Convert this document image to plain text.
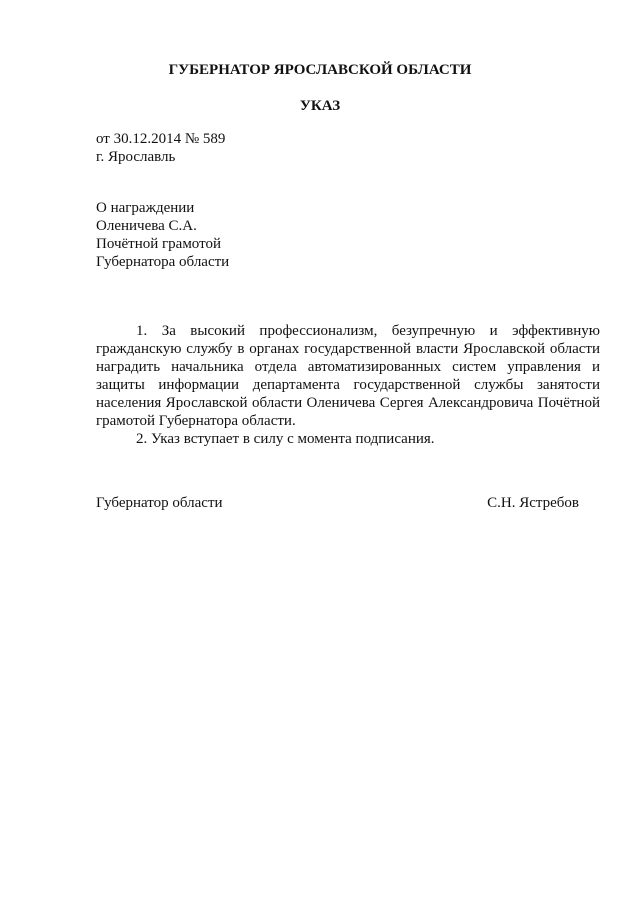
ГУБЕРНАТОР ЯРОСЛАВСКОЙ ОБЛАСТИ
УКАЗ
от 30.12.2014 № 589
г. Ярославль
О награждении
Оленичева С.А.
Почётной грамотой
Губернатора области

1. За высокий профессионализм, безупречную и эффективную гражданскую службу в органах государственной власти Ярославской области наградить начальника отдела автоматизированных систем управления и защиты информации департамента государственной службы занятости населения Ярославской области Оленичева Сергея Александровича Почётной грамотой Губернатора области.

2. Указ вступает в силу с момента подписания.

Губернатор области	С.Н. Ястребов
